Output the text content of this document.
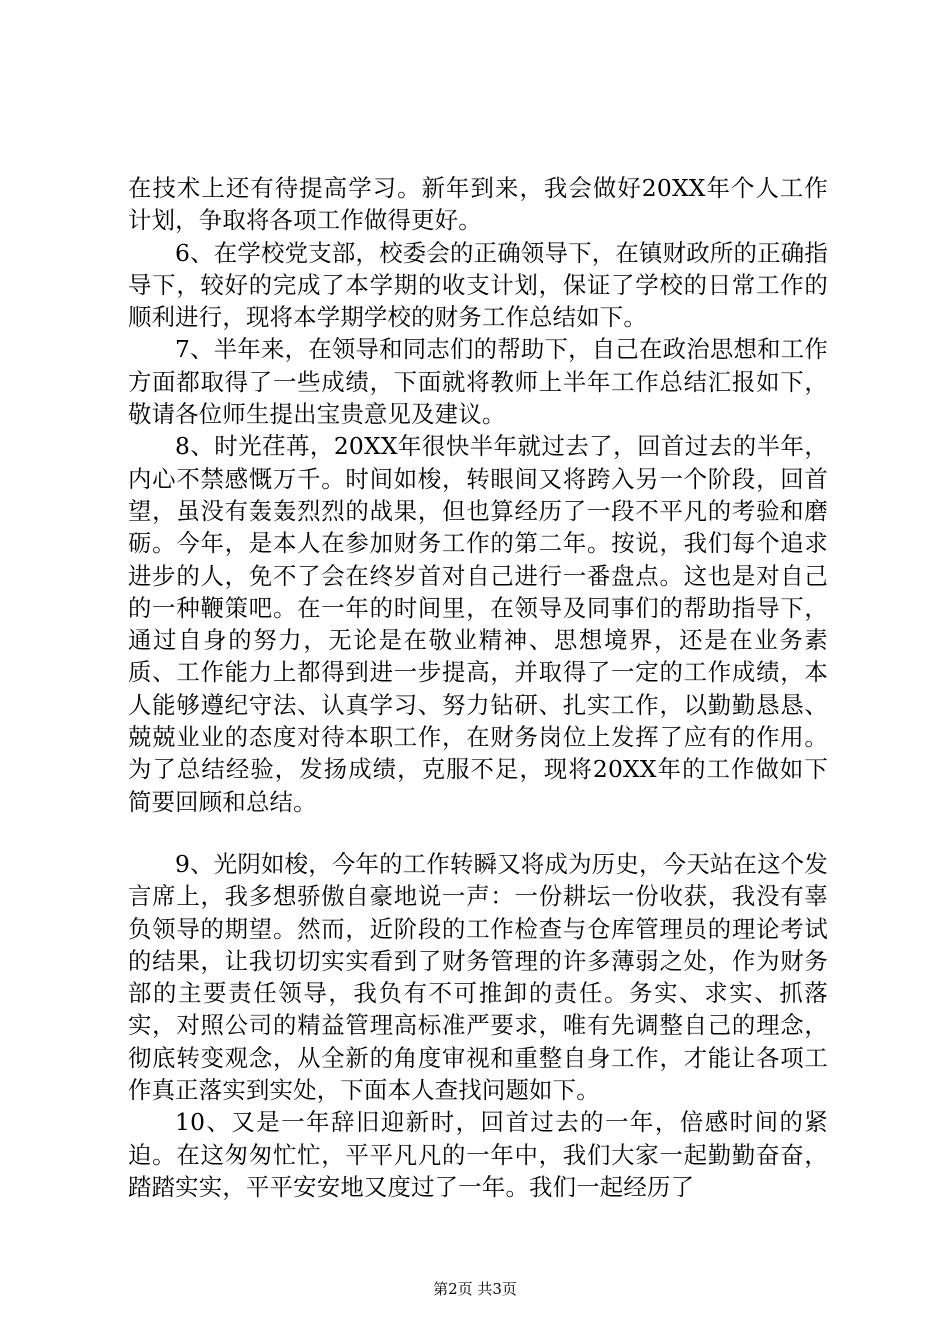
在技术上还有待提高学习。新年到来，我会做好20XX年个人工作计划，争取将各项工作做得更好。

6、在学校党支部，校委会的正确领导下，在镇财政所的正确指导下，较好的完成了本学期的收支计划，保证了学校的日常工作的顺利进行，现将本学期学校的财务工作总结如下。

7、半年来，在领导和同志们的帮助下，自己在政治思想和工作方面都取得了一些成绩，下面就将教师上半年工作总结汇报如下，敬请各位师生提出宝贵意见及建议。

8、时光荏苒，20XX年很快半年就过去了，回首过去的半年，内心不禁感慨万千。时间如梭，转眼间又将跨入另一个阶段，回首望，虽没有轰轰烈烈的战果，但也算经历了一段不平凡的考验和磨砺。今年，是本人在参加财务工作的第二年。按说，我们每个追求进步的人，免不了会在终岁首对自己进行一番盘点。这也是对自己的一种鞭策吧。在一年的时间里，在领导及同事们的帮助指导下，通过自身的努力，无论是在敬业精神、思想境界，还是在业务素质、工作能力上都得到进一步提高，并取得了一定的工作成绩，本人能够遵纪守法、认真学习、努力钻研、扎实工作，以勤勤恳恳、兢兢业业的态度对待本职工作，在财务岗位上发挥了应有的作用。为了总结经验，发扬成绩，克服不足，现将20XX年的工作做如下简要回顾和总结。

9、光阴如梭，今年的工作转瞬又将成为历史，今天站在这个发言席上，我多想骄傲自豪地说一声：一份耕坛一份收获，我没有辜负领导的期望。然而，近阶段的工作检查与仓库管理员的理论考试的结果，让我切切实实看到了财务管理的许多薄弱之处，作为财务部的主要责任领导，我负有不可推卸的责任。务实、求实、抓落实，对照公司的精益管理高标准严要求，唯有先调整自己的理念，彻底转变观念，从全新的角度审视和重整自身工作，才能让各项工作真正落实到实处，下面本人查找问题如下。

10、又是一年辞旧迎新时，回首过去的一年，倍感时间的紧迫。在这匆匆忙忙，平平凡凡的一年中，我们大家一起勤勤奋奋，踏踏实实，平平安安地又度过了一年。我们一起经历了

第2页 共3页
